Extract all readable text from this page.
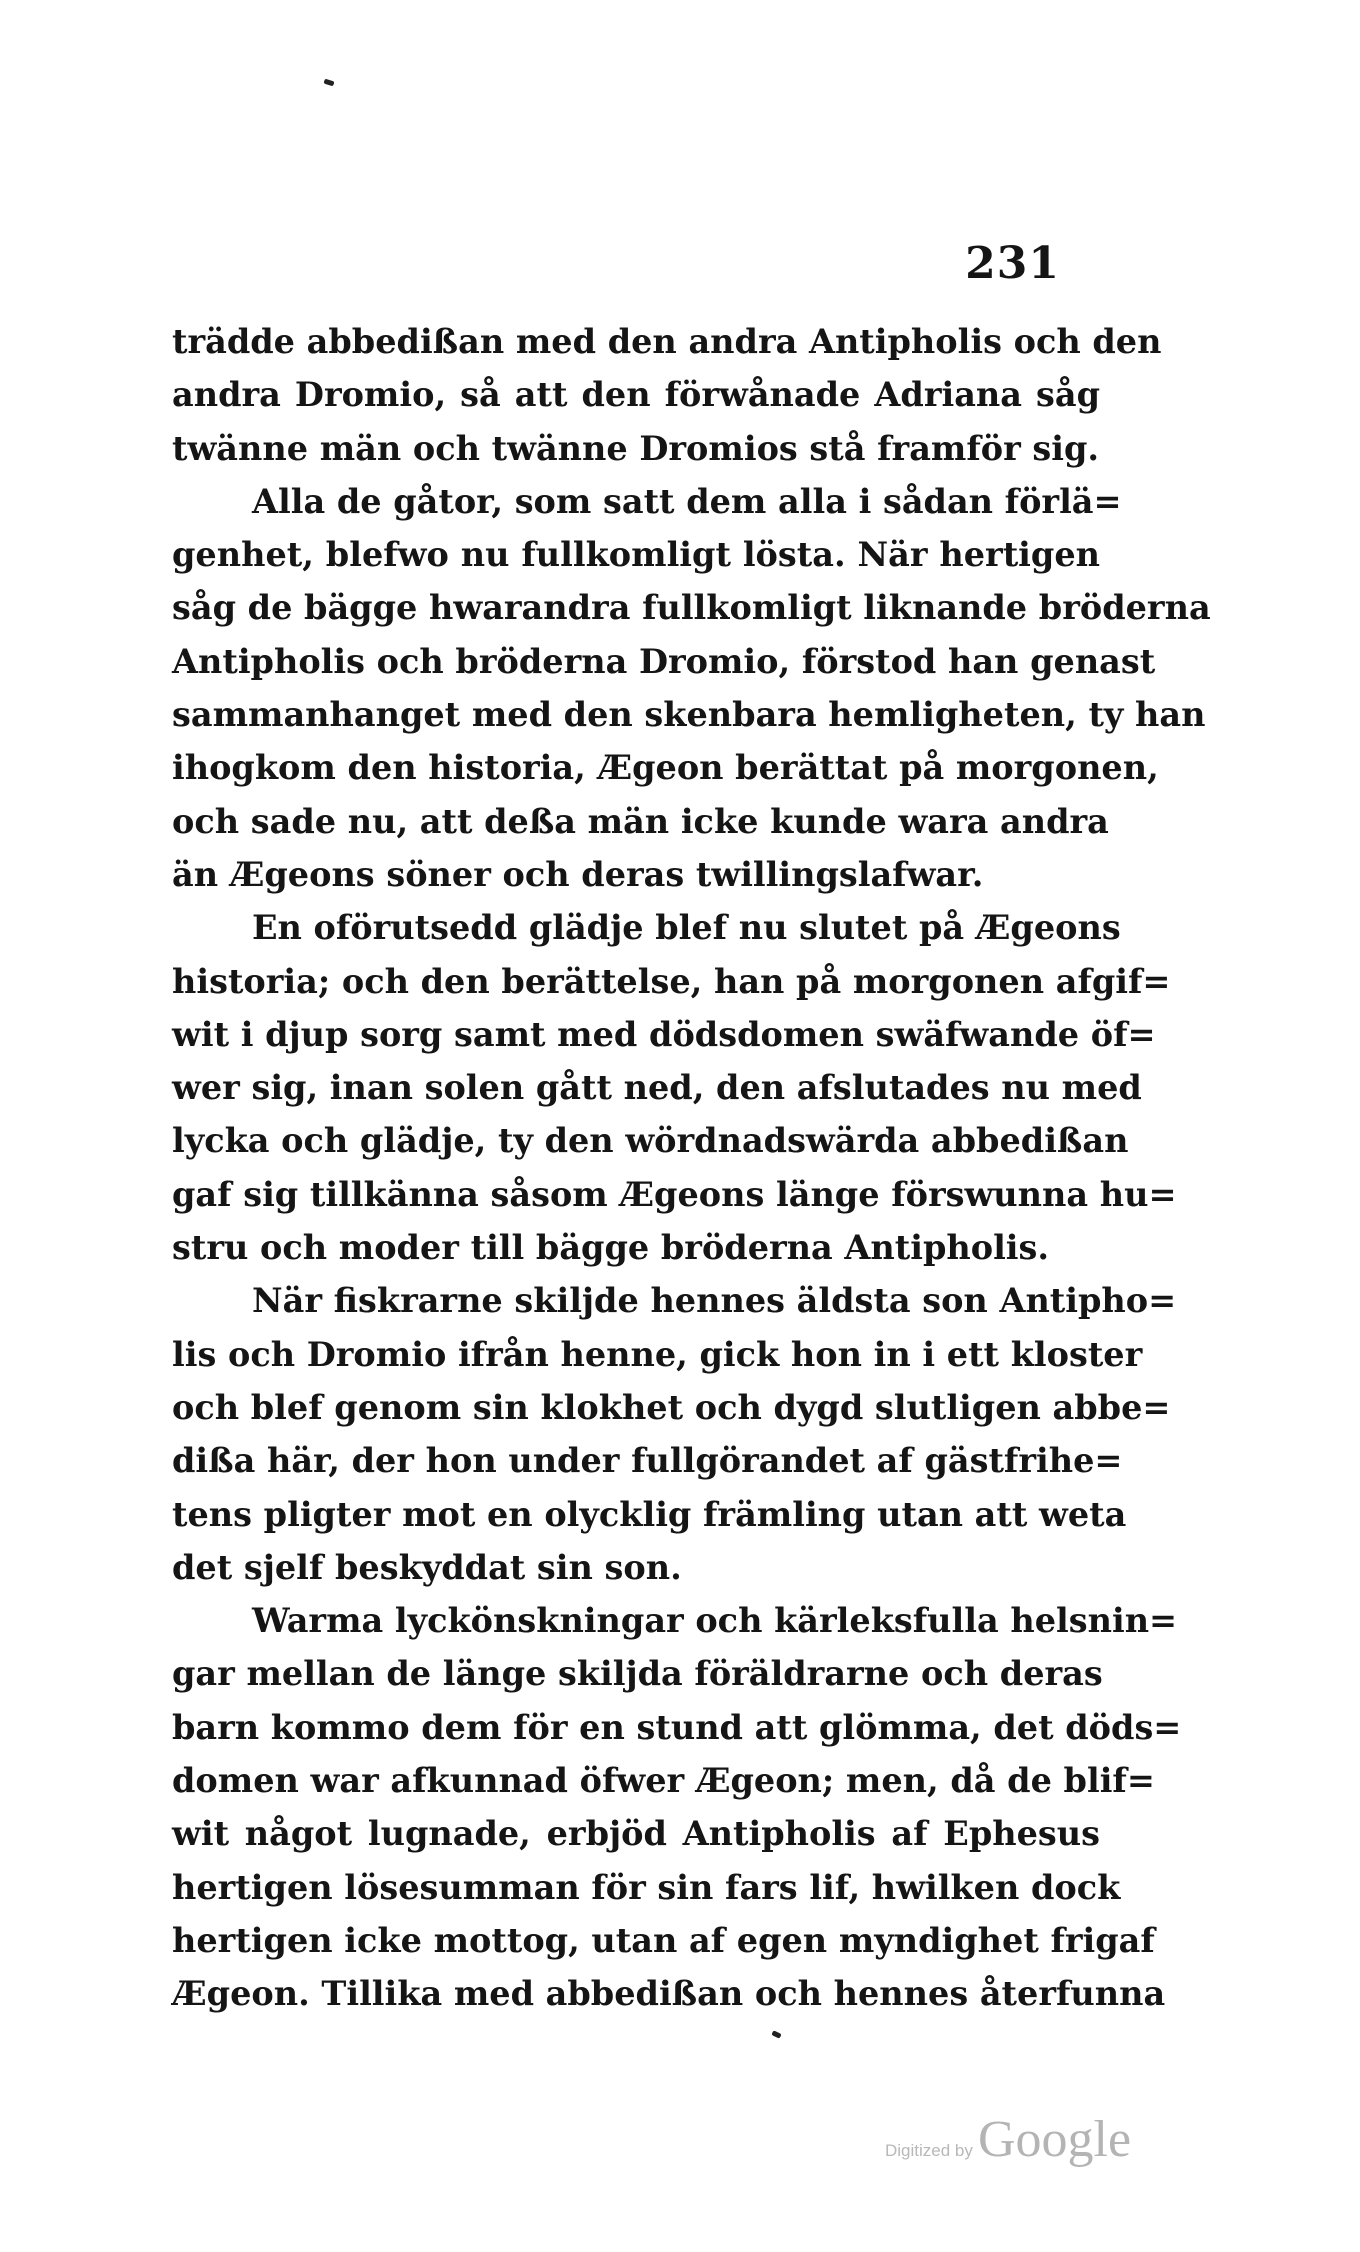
231
trädde abbedißan med den andra Antipholis och den
andra Dromio, så att den förwånade Adriana såg
twänne män och twänne Dromios stå framför sig.
Alla de gåtor, som satt dem alla i sådan förlä=
genhet, blefwo nu fullkomligt lösta. När hertigen
såg de bägge hwarandra fullkomligt liknande bröderna
Antipholis och bröderna Dromio, förstod han genast
sammanhanget med den skenbara hemligheten, ty han
ihogkom den historia, Ægeon berättat på morgonen,
och sade nu, att deßa män icke kunde wara andra
än Ægeons söner och deras twillingslafwar.
En oförutsedd glädje blef nu slutet på Ægeons
historia; och den berättelse, han på morgonen afgif=
wit i djup sorg samt med dödsdomen swäfwande öf=
wer sig, inan solen gått ned, den afslutades nu med
lycka och glädje, ty den wördnadswärda abbedißan
gaf sig tillkänna såsom Ægeons länge förswunna hu=
stru och moder till bägge bröderna Antipholis.
När fiskrarne skiljde hennes äldsta son Antipho=
lis och Dromio ifrån henne, gick hon in i ett kloster
och blef genom sin klokhet och dygd slutligen abbe=
dißa här, der hon under fullgörandet af gästfrihe=
tens pligter mot en olycklig främling utan att weta
det sjelf beskyddat sin son.
Warma lyckönskningar och kärleksfulla helsnin=
gar mellan de länge skiljda föräldrarne och deras
barn kommo dem för en stund att glömma, det döds=
domen war afkunnad öfwer Ægeon; men, då de blif=
wit något lugnade, erbjöd Antipholis af Ephesus
hertigen lösesumman för sin fars lif, hwilken dock
hertigen icke mottog, utan af egen myndighet frigaf
Ægeon. Tillika med abbedißan och hennes återfunna
Digitized by Google
